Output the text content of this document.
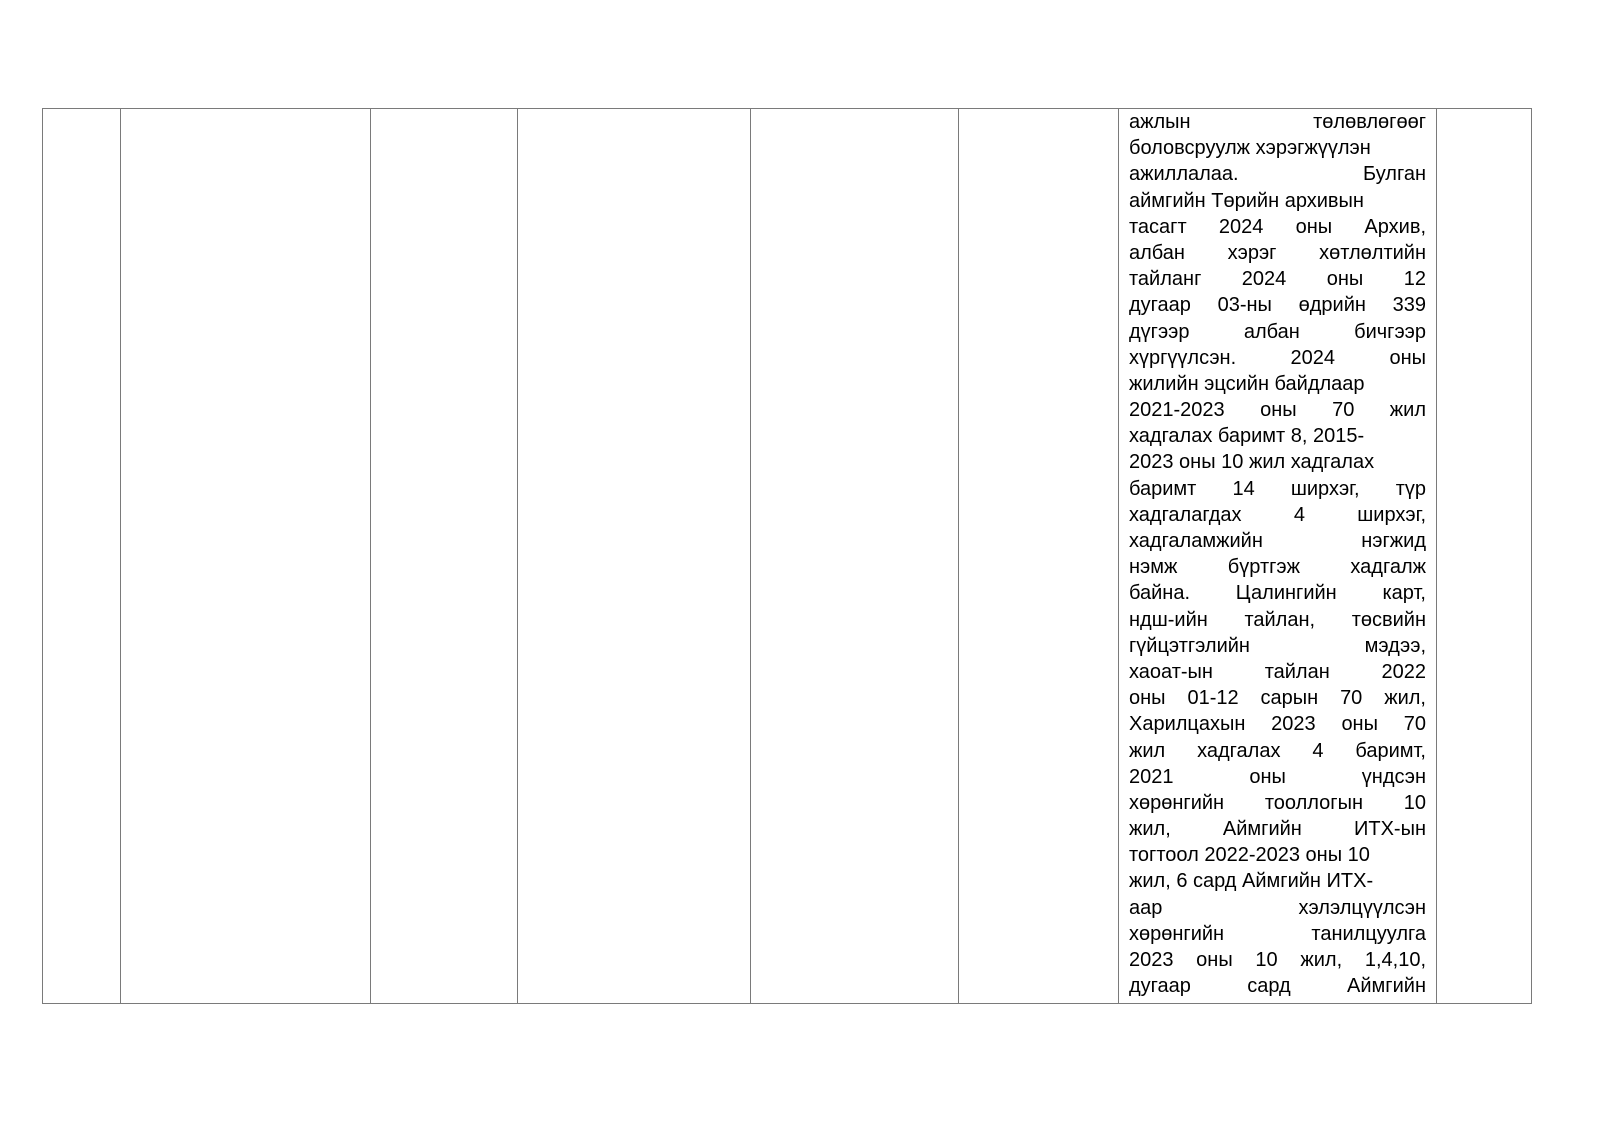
ажлын төлөвлөгөөг
боловсруулж хэрэгжүүлэн
ажиллалаа. Булган
аймгийн Төрийн архивын
тасагт 2024 оны Архив,
албан хэрэг хөтлөлтийн
тайланг 2024 оны 12
дугаар 03-ны өдрийн 339
дүгээр албан бичгээр
хүргүүлсэн. 2024 оны
жилийн эцсийн байдлаар
2021-2023 оны 70 жил
хадгалах баримт 8, 2015-
2023 оны 10 жил хадгалах
баримт 14 ширхэг, түр
хадгалагдах 4 ширхэг,
хадгаламжийн нэгжид
нэмж бүртгэж хадгалж
байна. Цалингийн карт,
ндш-ийн тайлан, төсвийн
гүйцэтгэлийн мэдээ,
хаоат-ын тайлан 2022
оны 01-12 сарын 70 жил,
Харилцахын 2023 оны 70
жил хадгалах 4 баримт,
2021 оны үндсэн
хөрөнгийн тооллогын 10
жил, Аймгийн ИТХ-ын
тогтоол 2022-2023 оны 10
жил, 6 сард Аймгийн ИТХ-
аар хэлэлцүүлсэн
хөрөнгийн танилцуулга
2023 оны 10 жил, 1,4,10,
дугаар сард Аймгийн
